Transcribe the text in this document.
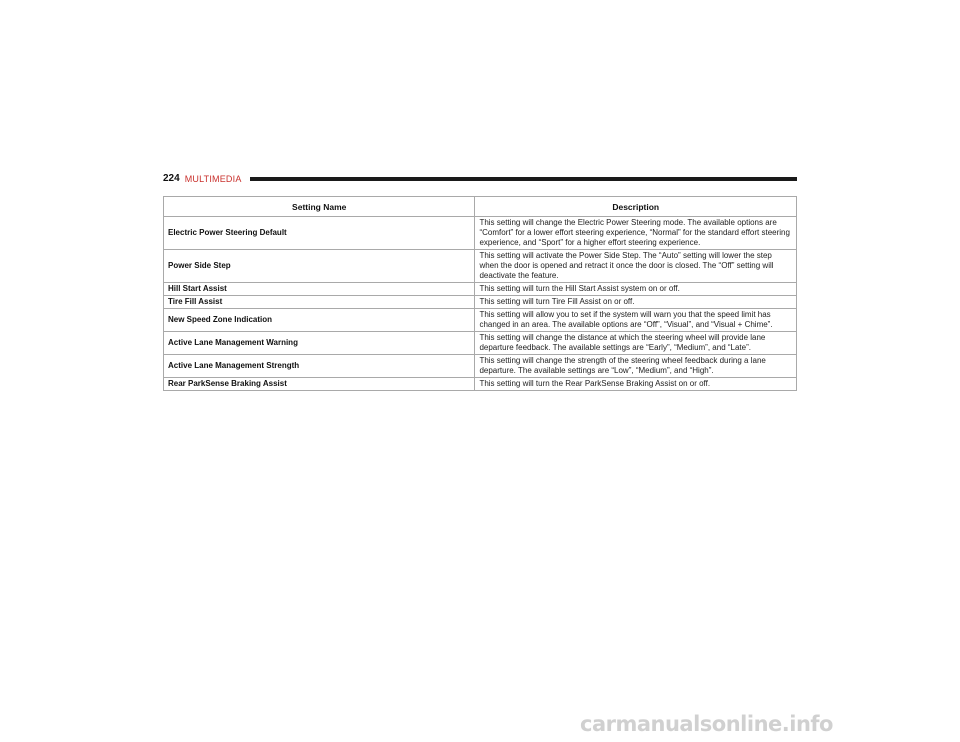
224 MULTIMEDIA
Setting Name	Description
Electric Power Steering Default	This setting will change the Electric Power Steering mode. The available options are “Comfort” for a lower effort steering experience, “Normal” for the standard effort steering experience, and “Sport” for a higher effort steering experience.
Power Side Step	This setting will activate the Power Side Step. The “Auto” setting will lower the step when the door is opened and retract it once the door is closed. The “Off” setting will deactivate the feature.
Hill Start Assist	This setting will turn the Hill Start Assist system on or off.
Tire Fill Assist	This setting will turn Tire Fill Assist on or off.
New Speed Zone Indication	This setting will allow you to set if the system will warn you that the speed limit has changed in an area. The available options are “Off”, “Visual”, and “Visual + Chime”.
Active Lane Management Warning	This setting will change the distance at which the steering wheel will provide lane departure feedback. The available settings are “Early”, “Medium”, and “Late”.
Active Lane Management Strength	This setting will change the strength of the steering wheel feedback during a lane departure. The available settings are “Low”, “Medium”, and “High”.
Rear ParkSense Braking Assist	This setting will turn the Rear ParkSense Braking Assist on or off.
carmanualsonline.info
